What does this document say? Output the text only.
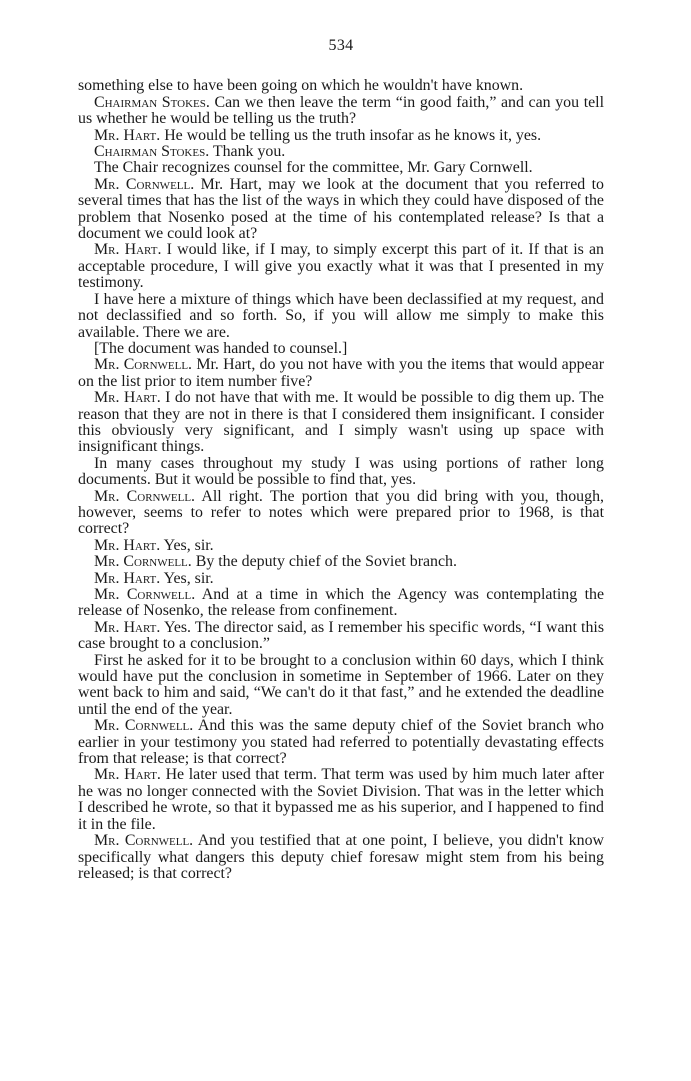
534

something else to have been going on which he wouldn't have known.

Chairman Stokes. Can we then leave the term “in good faith,” and can you tell us whether he would be telling us the truth?

Mr. Hart. He would be telling us the truth insofar as he knows it, yes.

Chairman Stokes. Thank you.

The Chair recognizes counsel for the committee, Mr. Gary Cornwell.

Mr. Cornwell. Mr. Hart, may we look at the document that you referred to several times that has the list of the ways in which they could have disposed of the problem that Nosenko posed at the time of his contemplated release? Is that a document we could look at?

Mr. Hart. I would like, if I may, to simply excerpt this part of it. If that is an acceptable procedure, I will give you exactly what it was that I presented in my testimony.

I have here a mixture of things which have been declassified at my request, and not declassified and so forth. So, if you will allow me simply to make this available. There we are.

[The document was handed to counsel.]

Mr. Cornwell. Mr. Hart, do you not have with you the items that would appear on the list prior to item number five?

Mr. Hart. I do not have that with me. It would be possible to dig them up. The reason that they are not in there is that I considered them insignificant. I consider this obviously very significant, and I simply wasn't using up space with insignificant things.

In many cases throughout my study I was using portions of rather long documents. But it would be possible to find that, yes.

Mr. Cornwell. All right. The portion that you did bring with you, though, however, seems to refer to notes which were prepared prior to 1968, is that correct?

Mr. Hart. Yes, sir.

Mr. Cornwell. By the deputy chief of the Soviet branch.

Mr. Hart. Yes, sir.

Mr. Cornwell. And at a time in which the Agency was contemplating the release of Nosenko, the release from confinement.

Mr. Hart. Yes. The director said, as I remember his specific words, “I want this case brought to a conclusion.”

First he asked for it to be brought to a conclusion within 60 days, which I think would have put the conclusion in sometime in September of 1966. Later on they went back to him and said, “We can't do it that fast,” and he extended the deadline until the end of the year.

Mr. Cornwell. And this was the same deputy chief of the Soviet branch who earlier in your testimony you stated had referred to potentially devastating effects from that release; is that correct?

Mr. Hart. He later used that term. That term was used by him much later after he was no longer connected with the Soviet Division. That was in the letter which I described he wrote, so that it bypassed me as his superior, and I happened to find it in the file.

Mr. Cornwell. And you testified that at one point, I believe, you didn't know specifically what dangers this deputy chief foresaw might stem from his being released; is that correct?
